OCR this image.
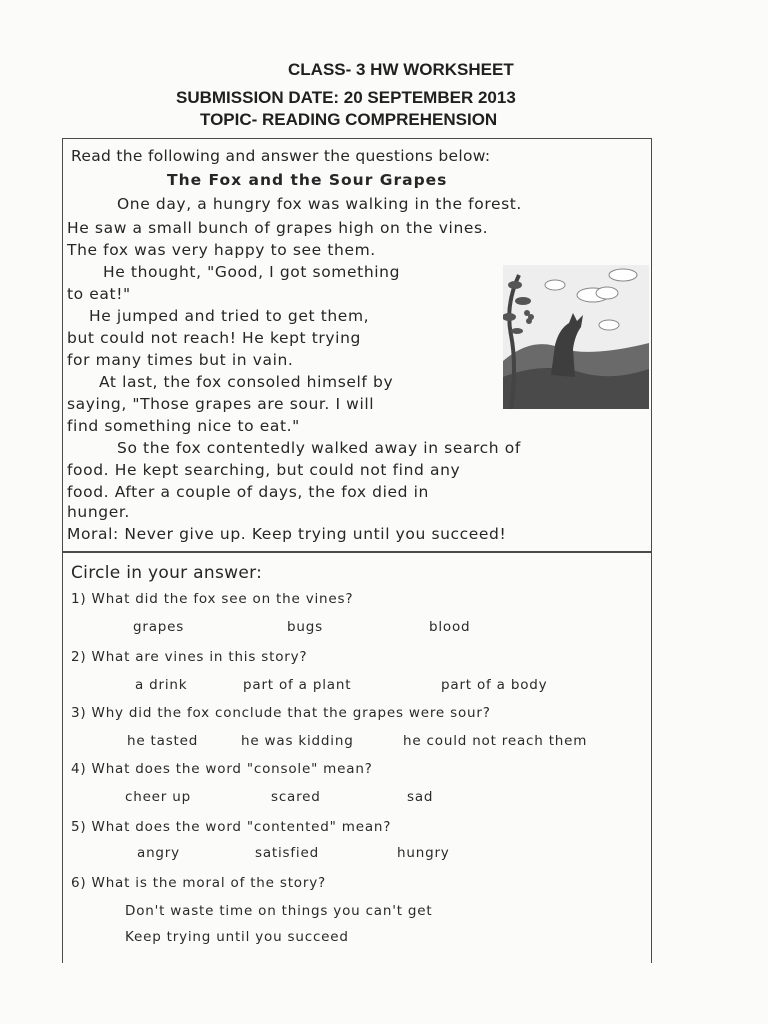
CLASS- 3 HW WORKSHEET
SUBMISSION DATE: 20 SEPTEMBER 2013
TOPIC- READING COMPREHENSION
Read the following and answer the questions below:
The Fox and the Sour Grapes
One day, a hungry fox was walking in the forest.
He saw a small bunch of grapes high on the vines.
The fox was very happy to see them.
He thought, "Good, I got something
to eat!"
He jumped and tried to get them,
but could not reach! He kept trying
for many times but in vain.
At last, the fox consoled himself by
saying, "Those grapes are sour. I will
find something nice to eat."
So the fox contentedly walked away in search of
food. He kept searching, but could not find any
food. After a couple of days, the fox died in
hunger.
Moral: Never give up. Keep trying until you succeed!
Circle in your answer:
1) What did the fox see on the vines?
grapes	bugs	blood
2) What are vines in this story?
a drink	part of a plant	part of a body
3) Why did the fox conclude that the grapes were sour?
he tasted	he was kidding	he could not reach them
4) What does the word "console" mean?
cheer up	scared	sad
5) What does the word "contented" mean?
angry	satisfied	hungry
6) What is the moral of the story?
Don't waste time on things you can't get
Keep trying until you succeed
